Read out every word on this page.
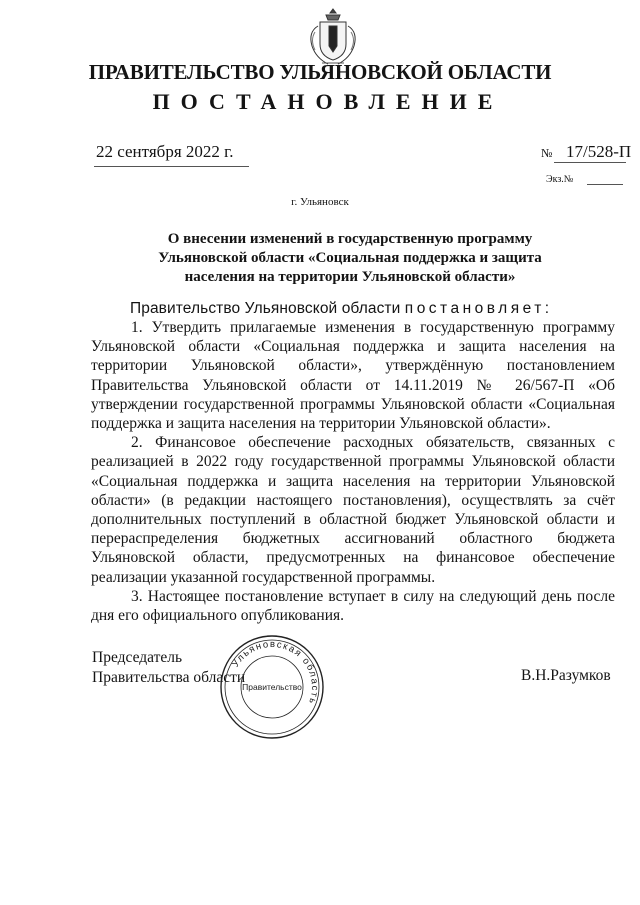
ПРАВИТЕЛЬСТВО УЛЬЯНОВСКОЙ ОБЛАСТИ
ПОСТАНОВЛЕНИЕ
22 сентября 2022 г.	№ 17/528-П
Экз.№
г. Ульяновск
О внесении изменений в государственную программу
Ульяновской области «Социальная поддержка и защита
населения на территории Ульяновской области»
Правительство Ульяновской области постановляет:

1. Утвердить прилагаемые изменения в государственную программу Ульяновской области «Социальная поддержка и защита населения на территории Ульяновской области», утверждённую постановлением Правительства Ульяновской области от 14.11.2019 № 26/567-П «Об утверждении государственной программы Ульяновской области «Социальная поддержка и защита населения на территории Ульяновской области».

2. Финансовое обеспечение расходных обязательств, связанных с реализацией в 2022 году государственной программы Ульяновской области «Социальная поддержка и защита населения на территории Ульяновской области» (в редакции настоящего постановления), осуществлять за счёт дополнительных поступлений в областной бюджет Ульяновской области и перераспределения бюджетных ассигнований областного бюджета Ульяновской области, предусмотренных на финансовое обеспечение реализации указанной государственной программы.

3. Настоящее постановление вступает в силу на следующий день после дня его официального опубликования.

Председатель
Правительства области	В.Н.Разумков
Ульяновская область
Правительство
